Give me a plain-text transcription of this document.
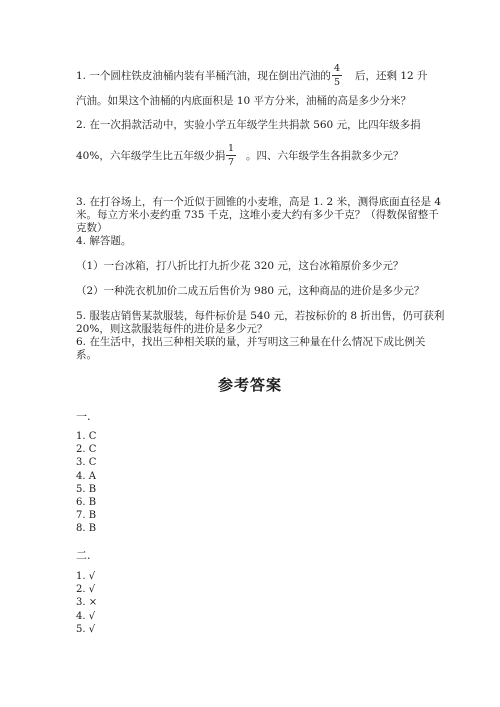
1. 一个圆柱铁皮油桶内装有半桶汽油，现在倒出汽油的
4
5
后，还剩 12 升
汽油。如果这个油桶的内底面积是 10 平方分米，油桶的高是多少分米？
2. 在一次捐款活动中，实验小学五年级学生共捐款 560 元，比四年级多捐
40%，六年级学生比五年级少捐
1
7
。四、六年级学生各捐款多少元？
3. 在打谷场上，有一个近似于圆锥的小麦堆，高是 1. 2 米，测得底面直径是 4
米。每立方米小麦约重 735 千克，这堆小麦大约有多少千克？（得数保留整千
克数）
4. 解答题。
（1）一台冰箱，打八折比打九折少花 320 元，这台冰箱原价多少元？
（2）一种洗衣机加价二成五后售价为 980 元，这种商品的进价是多少元？
5. 服装店销售某款服装，每件标价是 540 元，若按标价的 8 折出售，仍可获利
20%，则这款服装每件的进价是多少元？
6. 在生活中，找出三种相关联的量，并写明这三种量在什么情况下成比例关
系。
参考答案
一.
1. C
2. C
3. C
4. A
5. B
6. B
7. B
8. B
二.
1. √
2. √
3. ×
4. √
5. √
